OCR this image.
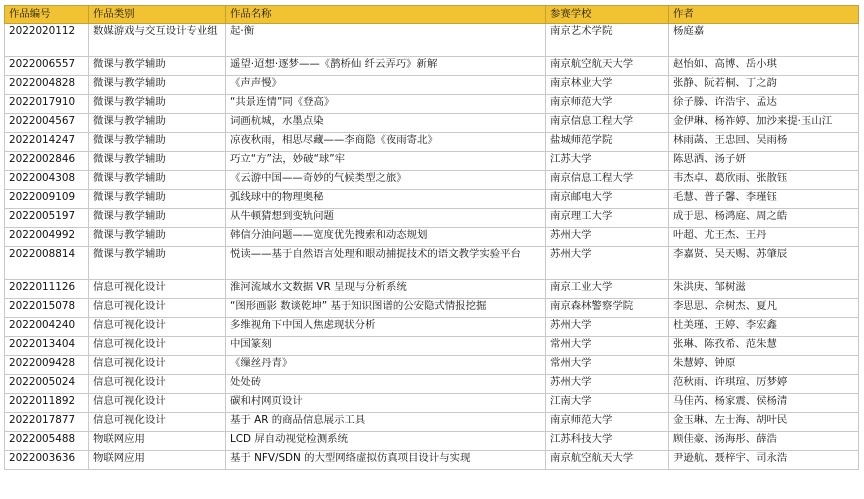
作品编号	作品类别	作品名称	参赛学校	作者
2022020112	数媒游戏与交互设计专业组	起·衡	南京艺术学院	杨庭嘉
2022006557	微课与教学辅助	遥望·迢想·逐梦——《鹊桥仙 纤云弄巧》新解	南京航空航天大学	赵怡如、高博、岳小琪
2022004828	微课与教学辅助	《声声慢》	南京林业大学	张静、阮若桐、丁之韵
2022017910	微课与教学辅助	“共景连情”同《登高》	南京师范大学	徐子滕、许浩宇、孟达
2022004567	微课与教学辅助	词画杭城，水墨点染	南京信息工程大学	金伊琳、杨祚婷、加沙来提·玉山江
2022014247	微课与教学辅助	凉夜秋雨，相思尽藏——李商隐《夜雨寄北》	盐城师范学院	林雨菡、王忠回、吴雨杨
2022002846	微课与教学辅助	巧立“方”法，妙破“球”牢	江苏大学	陈思洒、汤子妍
2022004308	微课与教学辅助	《云游中国——奇妙的气候类型之旅》	南京信息工程大学	韦杰卓、葛欣雨、张散钰
2022009109	微课与教学辅助	弧线球中的物理奥秘	南京邮电大学	毛慧、普子馨、李瑾钰
2022005197	微课与教学辅助	从牛顿猜想到变轨问题	南京理工大学	成于思、杨鸿庭、周之皓
2022004992	微课与教学辅助	韩信分油问题——宽度优先搜索和动态规划	苏州大学	叶超、尤王杰、王丹
2022008814	微课与教学辅助	悦读——基于自然语言处理和眼动捕捉技术的语文教学实验平台	苏州大学	李嘉贤、吴天赐、苏肇辰
2022011126	信息可视化设计	淮河流域水文数据 VR 呈现与分析系统	南京工业大学	朱洪庚、邹树滋
2022015078	信息可视化设计	“图形画影 数谈乾坤” 基于知识图谱的公安隐式情报挖掘	南京森林警察学院	李思思、佘树杰、夏凡
2022004240	信息可视化设计	多维视角下中国人焦虑现状分析	苏州大学	杜美瑾、王婷、李宏鑫
2022013404	信息可视化设计	中国篆刻	常州大学	张琳、陈孜希、范朱慧
2022009428	信息可视化设计	《缫丝丹青》	常州大学	朱慧婷、钟原
2022005024	信息可视化设计	处处砖	苏州大学	范秋雨、许琪瑄、厉梦婷
2022011892	信息可视化设计	碳和村网页设计	江南大学	马佳芮、杨家震、侯杨清
2022017877	信息可视化设计	基于 AR 的商品信息展示工具	南京师范大学	金玉琳、左士海、胡叶民
2022005488	物联网应用	LCD 屏自动视觉检测系统	江苏科技大学	顾佳豪、汤海彤、薛浩
2022003636	物联网应用	基于 NFV/SDN 的大型网络虚拟仿真项目设计与实现	南京航空航天大学	尹逊航、聂梓宇、司永浩
